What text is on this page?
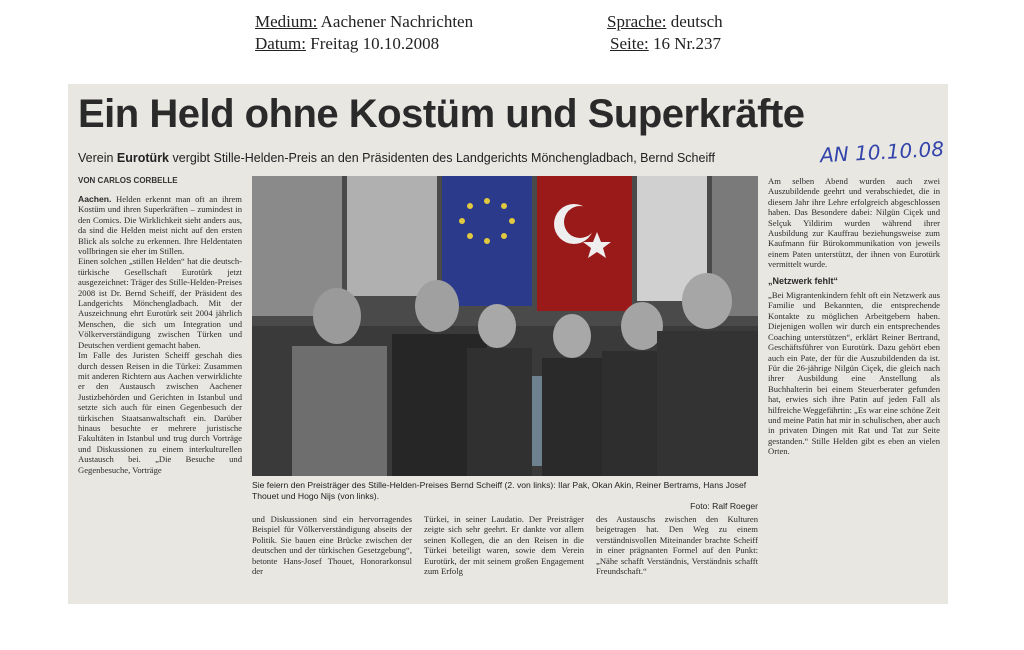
Medium: Aachener Nachrichten
Datum: Freitag 10.10.2008
Sprache: deutsch
Seite: 16 Nr.237
Ein Held ohne Kostüm und Superkräfte
Verein Eurotürk vergibt Stille-Helden-Preis an den Präsidenten des Landgerichts Mönchengladbach, Bernd Scheiff	AN 10.10.08
VON CARLOS CORBELLE

Aachen. Helden erkennt man oft an ihrem Kostüm und ihren Superkräften – zumindest in den Comics. Die Wirklichkeit sieht anders aus, da sind die Helden meist nicht auf den ersten Blick als solche zu erkennen. Ihre Heldentaten vollbringen sie eher im Stillen.

Einen solchen „stillen Helden“ hat die deutsch-türkische Gesellschaft Eurotürk jetzt ausgezeichnet: Träger des Stille-Helden-Preises 2008 ist Dr. Bernd Scheiff, der Präsident des Landgerichts Mönchengladbach. Mit der Auszeichnung ehrt Eurotürk seit 2004 jährlich Menschen, die sich um Integration und Völkerverständigung zwischen Türken und Deutschen verdient gemacht haben.

Im Falle des Juristen Scheiff geschah dies durch dessen Reisen in die Türkei: Zusammen mit anderen Richtern aus Aachen verwirklichte er den Austausch zwischen Aachener Justizbehörden und Gerichten in Istanbul und setzte sich auch für einen Gegenbesuch der türkischen Staatsanwaltschaft ein. Darüber hinaus besuchte er mehrere juristische Fakultäten in Istanbul und trug durch Vorträge und Diskussionen zu einem interkulturellen Austausch bei. „Die Besuche und Gegenbesuche, Vorträge

Sie feiern den Preisträger des Stille-Helden-Preises Bernd Scheiff (2. von links): Ilar Pak, Okan Akin, Reiner Bertrams, Hans Josef Thouet und Hogo Nijs (von links).
Foto: Ralf Roeger

und Diskussionen sind ein hervorragendes Beispiel für Völkerverständigung abseits der Politik. Sie bauen eine Brücke zwischen der deutschen und der türkischen Gesetzgebung“, betonte Hans-Josef Thouet, Honorarkonsul der

Türkei, in seiner Laudatio. Der Preisträger zeigte sich sehr geehrt. Er dankte vor allem seinen Kollegen, die an den Reisen in die Türkei beteiligt waren, sowie dem Verein Eurotürk, der mit seinem großen Engagement zum Erfolg

des Austauschs zwischen den Kulturen beigetragen hat. Den Weg zu einem verständnisvollen Miteinander brachte Scheiff in einer prägnanten Formel auf den Punkt: „Nähe schafft Verständnis, Verständnis schafft Freundschaft.“

Am selben Abend wurden auch zwei Auszubildende geehrt und verabschiedet, die in diesem Jahr ihre Lehre erfolgreich abgeschlossen haben. Das Besondere dabei: Nilgün Ciçek und Selçuk Yildirim wurden während ihrer Ausbildung zur Kauffrau beziehungsweise zum Kaufmann für Bürokommunikation von jeweils einem Paten unterstützt, der ihnen von Eurotürk vermittelt wurde.

„Netzwerk fehlt“

„Bei Migrantenkindern fehlt oft ein Netzwerk aus Familie und Bekannten, die entsprechende Kontakte zu möglichen Arbeitgebern haben. Diejenigen wollen wir durch ein entsprechendes Coaching unterstützen“, erklärt Reiner Bertrand, Geschäftsführer von Eurotürk. Dazu gehört eben auch ein Pate, der für die Auszubildenden da ist. Für die 26-jährige Nilgün Ciçek, die gleich nach ihrer Ausbildung eine Anstellung als Buchhalterin bei einem Steuerberater gefunden hat, erwies sich ihre Patin auf jeden Fall als hilfreiche Weggefährtin: „Es war eine schöne Zeit und meine Patin hat mir in schulischen, aber auch in privaten Dingen mit Rat und Tat zur Seite gestanden.“ Stille Helden gibt es eben an vielen Orten.
